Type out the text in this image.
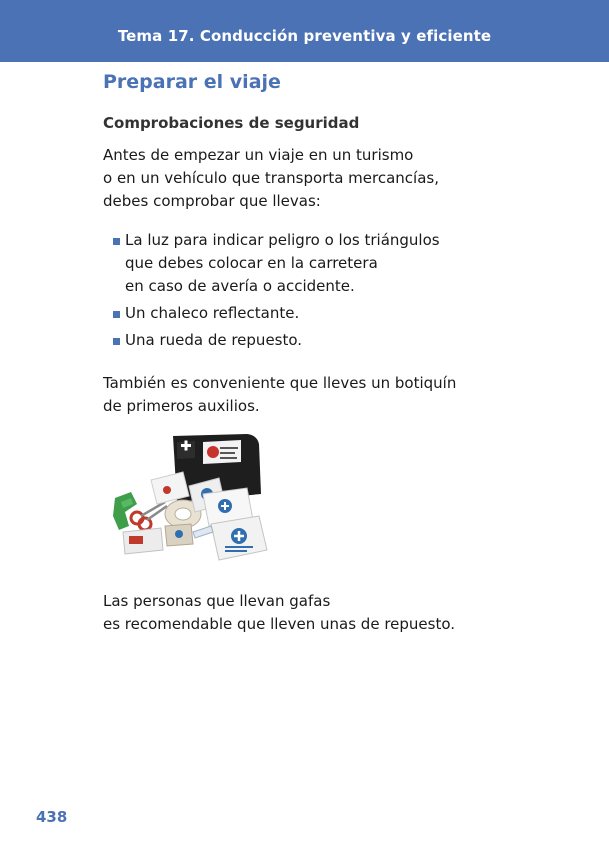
Tema 17. Conducción preventiva y eficiente
Preparar el viaje
Comprobaciones de seguridad
Antes de empezar un viaje en un turismo
o en un vehículo que transporta mercancías,
debes comprobar que llevas:
La luz para indicar peligro o los triángulos
que debes colocar en la carretera
en caso de avería o accidente.
Un chaleco reflectante.
Una rueda de repuesto.
También es conveniente que lleves un botiquín
de primeros auxilios.
Las personas que llevan gafas
es recomendable que lleven unas de repuesto.
438
